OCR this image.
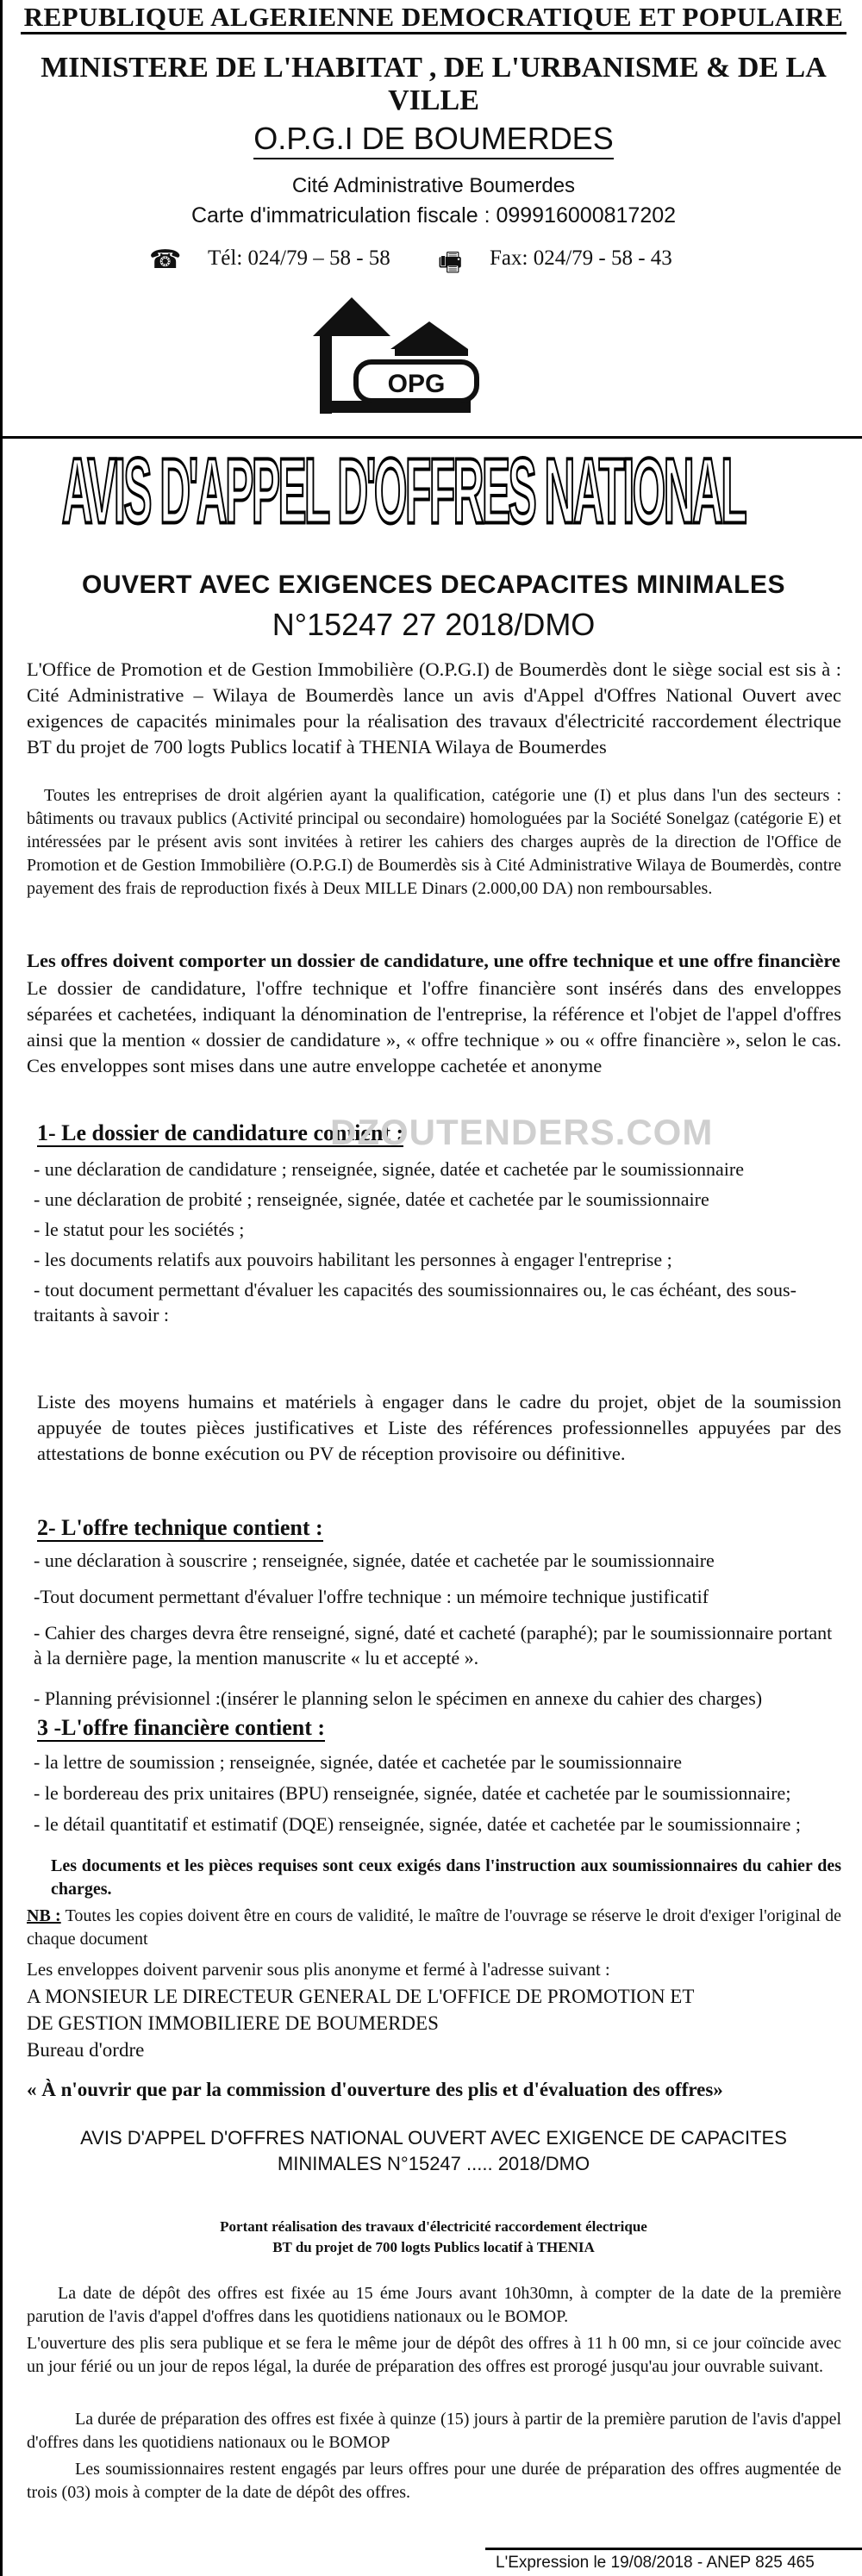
REPUBLIQUE ALGERIENNE DEMOCRATIQUE ET POPULAIRE
MINISTERE DE L'HABITAT , DE L'URBANISME & DE LA VILLE
O.P.G.I DE BOUMERDES
Cité Administrative Boumerdes
Carte d'immatriculation fiscale : 099916000817202
☎ Tél: 024/79 – 58 - 58 🖷 Fax: 024/79 - 58 - 43
OPG
AVIS D'APPEL D'OFFRES NATIONAL
OUVERT AVEC EXIGENCES DECAPACITES MINIMALES
N°15247 27 2018/DMO

L'Office de Promotion et de Gestion Immobilière (O.P.G.I) de Boumerdès dont le siège social est sis à : Cité Administrative – Wilaya de Boumerdès lance un avis d'Appel d'Offres National Ouvert avec exigences de capacités minimales pour la réalisation des travaux d'électricité raccordement électrique BT du projet de 700 logts Publics locatif à THENIA Wilaya de Boumerdes

Toutes les entreprises de droit algérien ayant la qualification, catégorie une (I) et plus dans l'un des secteurs : bâtiments ou travaux publics (Activité principal ou secondaire) homologuées par la Société Sonelgaz (catégorie E) et intéressées par le présent avis sont invitées à retirer les cahiers des charges auprès de la direction de l'Office de Promotion et de Gestion Immobilière (O.P.G.I) de Boumerdès sis à Cité Administrative Wilaya de Boumerdès, contre payement des frais de reproduction fixés à Deux MILLE Dinars (2.000,00 DA) non remboursables.

Les offres doivent comporter un dossier de candidature, une offre technique et une offre financière

Le dossier de candidature, l'offre technique et l'offre financière sont insérés dans des enveloppes séparées et cachetées, indiquant la dénomination de l'entreprise, la référence et l'objet de l'appel d'offres ainsi que la mention « dossier de candidature », « offre technique » ou « offre financière », selon le cas. Ces enveloppes sont mises dans une autre enveloppe cachetée et anonyme

1- Le dossier de candidature contient :
- une déclaration de candidature ; renseignée, signée, datée et cachetée par le soumissionnaire
- une déclaration de probité ; renseignée, signée, datée et cachetée par le soumissionnaire
- le statut pour les sociétés ;
- les documents relatifs aux pouvoirs habilitant les personnes à engager l'entreprise ;
- tout document permettant d'évaluer les capacités des soumissionnaires ou, le cas échéant, des sous-traitants à savoir :

Liste des moyens humains et matériels à engager dans le cadre du projet, objet de la soumission appuyée de toutes pièces justificatives et Liste des références professionnelles appuyées par des attestations de bonne exécution ou PV de réception provisoire ou définitive.

DZOUTENDERS.COM
2- L'offre technique contient :
- une déclaration à souscrire ; renseignée, signée, datée et cachetée par le soumissionnaire
-Tout document permettant d'évaluer l'offre technique : un mémoire technique justificatif
- Cahier des charges devra être renseigné, signé, daté et cacheté (paraphé); par le soumissionnaire portant à la dernière page, la mention manuscrite « lu et accepté ».
- Planning prévisionnel :(insérer le planning selon le spécimen en annexe du cahier des charges)
3 -L'offre financière contient :
- la lettre de soumission ; renseignée, signée, datée et cachetée par le soumissionnaire
- le bordereau des prix unitaires (BPU) renseignée, signée, datée et cachetée par le soumissionnaire;
- le détail quantitatif et estimatif (DQE) renseignée, signée, datée et cachetée par le soumissionnaire ;

Les documents et les pièces requises sont ceux exigés dans l'instruction aux soumissionnaires du cahier des charges.

NB : Toutes les copies doivent être en cours de validité, le maître de l'ouvrage se réserve le droit d'exiger l'original de chaque document

Les enveloppes doivent parvenir sous plis anonyme et fermé à l'adresse suivant :

A MONSIEUR LE DIRECTEUR GENERAL DE L'OFFICE DE PROMOTION ET

DE GESTION IMMOBILIERE DE BOUMERDES

Bureau d'ordre

« À n'ouvrir que par la commission d'ouverture des plis et d'évaluation des offres»

AVIS D'APPEL D'OFFRES NATIONAL OUVERT AVEC EXIGENCE DE CAPACITES MINIMALES N°15247 ..... 2018/DMO

Portant réalisation des travaux d'électricité raccordement électrique BT du projet de 700 logts Publics locatif à THENIA

La date de dépôt des offres est fixée au 15 éme Jours avant 10h30mn, à compter de la date de la première parution de l'avis d'appel d'offres dans les quotidiens nationaux ou le BOMOP.

L'ouverture des plis sera publique et se fera le même jour de dépôt des offres à 11 h 00 mn, si ce jour coïncide avec un jour férié ou un jour de repos légal, la durée de préparation des offres est prorogé jusqu'au jour ouvrable suivant.

La durée de préparation des offres est fixée à quinze (15) jours à partir de la première parution de l'avis d'appel d'offres dans les quotidiens nationaux ou le BOMOP

Les soumissionnaires restent engagés par leurs offres pour une durée de préparation des offres augmentée de trois (03) mois à compter de la date de dépôt des offres.

L'Expression le 19/08/2018 - ANEP 825 465
